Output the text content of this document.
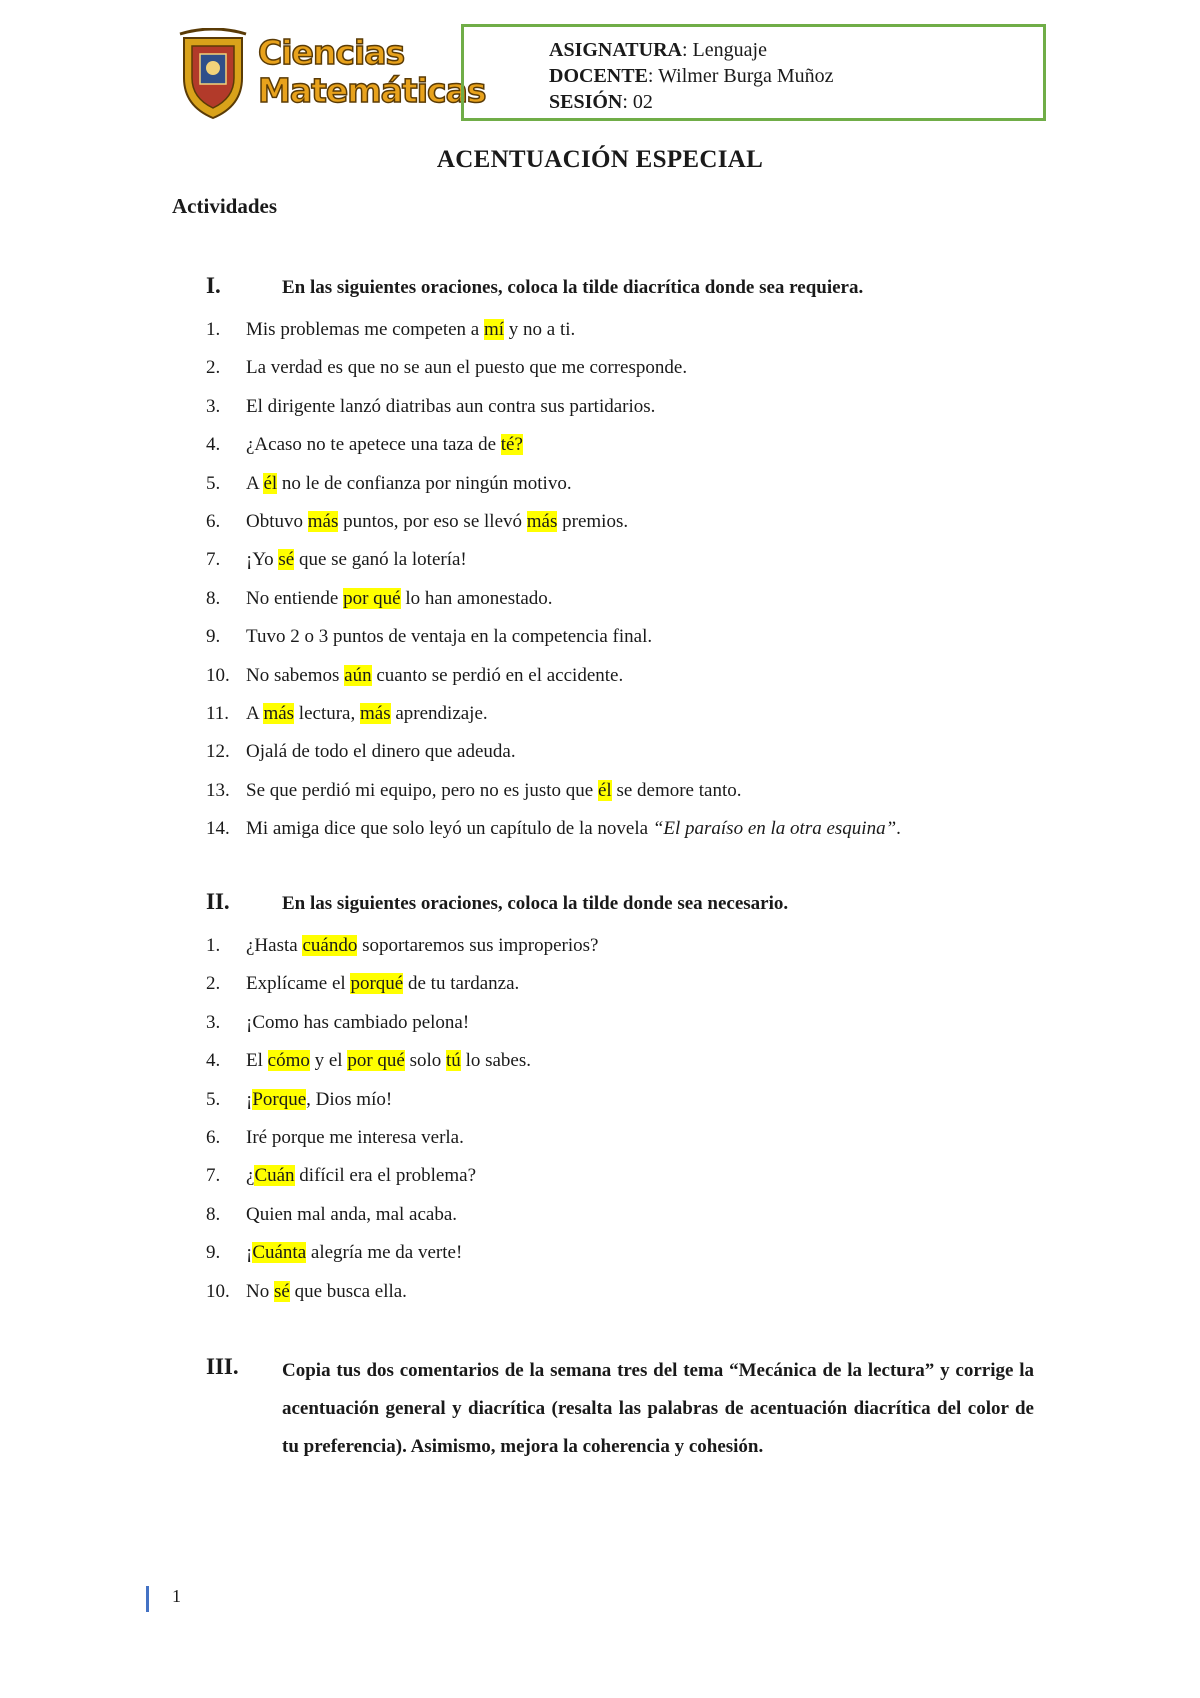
Ciencias
Matemáticas
ASIGNATURA: Lenguaje
DOCENTE: Wilmer Burga Muñoz
SESIÓN: 02
ACENTUACIÓN ESPECIAL
Actividades
I.	En las siguientes oraciones, coloca la tilde diacrítica donde sea requiera.
1. Mis problemas me competen a mí y no a ti.
2. La verdad es que no se aun el puesto que me corresponde.
3. El dirigente lanzó diatribas aun contra sus partidarios.
4. ¿Acaso no te apetece una taza de té?
5. A él no le de confianza por ningún motivo.
6. Obtuvo más puntos, por eso se llevó más premios.
7. ¡Yo sé que se ganó la lotería!
8. No entiende por qué lo han amonestado.
9. Tuvo 2 o 3 puntos de ventaja en la competencia final.
10. No sabemos aún cuanto se perdió en el accidente.
11. A más lectura, más aprendizaje.
12. Ojalá de todo el dinero que adeuda.
13. Se que perdió mi equipo, pero no es justo que él se demore tanto.
14. Mi amiga dice que solo leyó un capítulo de la novela “El paraíso en la otra esquina”.
II.	En las siguientes oraciones, coloca la tilde donde sea necesario.
1. ¿Hasta cuándo soportaremos sus improperios?
2. Explícame el porqué de tu tardanza.
3. ¡Como has cambiado pelona!
4. El cómo y el por qué solo tú lo sabes.
5. ¡Porque, Dios mío!
6. Iré porque me interesa verla.
7. ¿Cuán difícil era el problema?
8. Quien mal anda, mal acaba.
9. ¡Cuánta alegría me da verte!
10. No sé que busca ella.
III. Copia tus dos comentarios de la semana tres del tema “Mecánica de la lectura” y corrige la acentuación general y diacrítica (resalta las palabras de acentuación diacrítica del color de tu preferencia). Asimismo, mejora la coherencia y cohesión.
1
